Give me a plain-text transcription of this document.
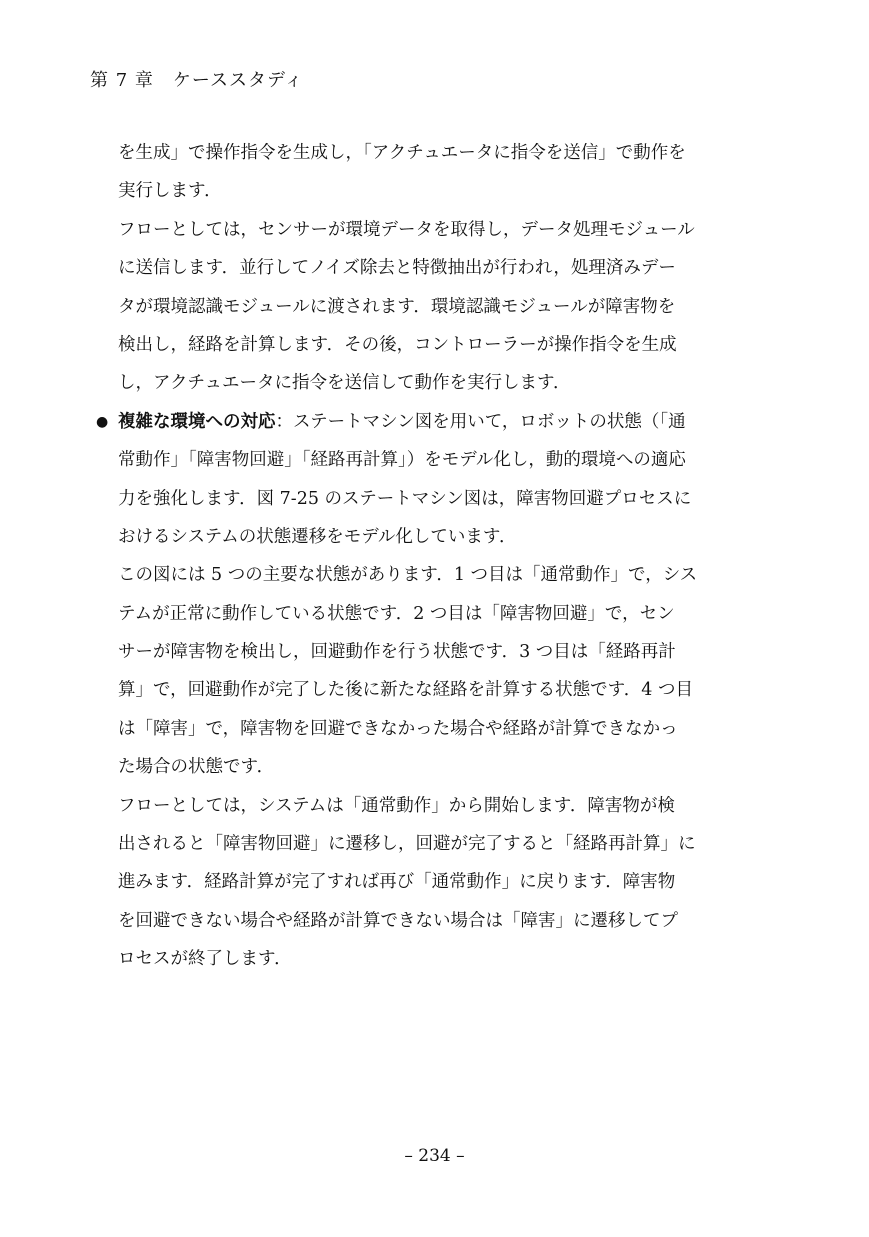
第 7 章　ケーススタディ
を生成」で操作指令を生成し，「アクチュエータに指令を送信」で動作を
実行します．
フローとしては，センサーが環境データを取得し，データ処理モジュール
に送信します．並行してノイズ除去と特徴抽出が行われ，処理済みデー
タが環境認識モジュールに渡されます．環境認識モジュールが障害物を
検出し，経路を計算します．その後，コントローラーが操作指令を生成
し，アクチュエータに指令を送信して動作を実行します．
● 複雑な環境への対応：ステートマシン図を用いて，ロボットの状態（「通
常動作」「障害物回避」「経路再計算」）をモデル化し，動的環境への適応
力を強化します．図 7-25 のステートマシン図は，障害物回避プロセスに
おけるシステムの状態遷移をモデル化しています．
この図には 5 つの主要な状態があります．1 つ目は「通常動作」で，シス
テムが正常に動作している状態です．2 つ目は「障害物回避」で，セン
サーが障害物を検出し，回避動作を行う状態です．3 つ目は「経路再計
算」で，回避動作が完了した後に新たな経路を計算する状態です．4 つ目
は「障害」で，障害物を回避できなかった場合や経路が計算できなかっ
た場合の状態です．
フローとしては，システムは「通常動作」から開始します．障害物が検
出されると「障害物回避」に遷移し，回避が完了すると「経路再計算」に
進みます．経路計算が完了すれば再び「通常動作」に戻ります．障害物
を回避できない場合や経路が計算できない場合は「障害」に遷移してプ
ロセスが終了します．
– 234 –
